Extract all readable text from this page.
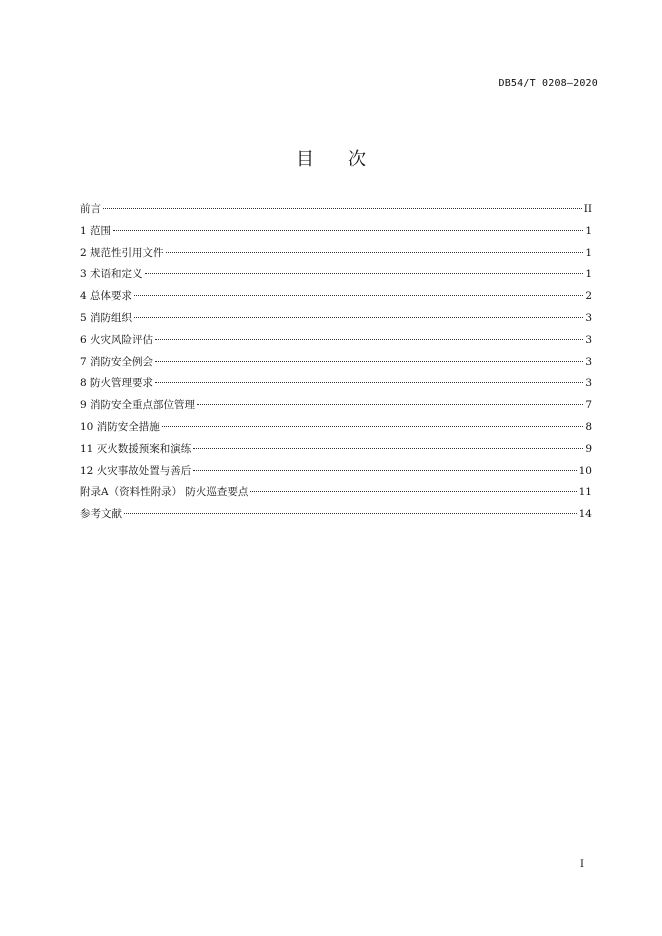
DB54/T 0208—2020
目次
前言	II
1 范围	1
2 规范性引用文件	1
3 术语和定义	1
4 总体要求	2
5 消防组织	3
6 火灾风险评估	3
7 消防安全例会	3
8 防火管理要求	3
9 消防安全重点部位管理	7
10 消防安全措施	8
11 灭火数援预案和演练	9
12 火灾事故处置与善后	10
附录A（资料性附录） 防火巡查要点	11
参考文献	14
I
